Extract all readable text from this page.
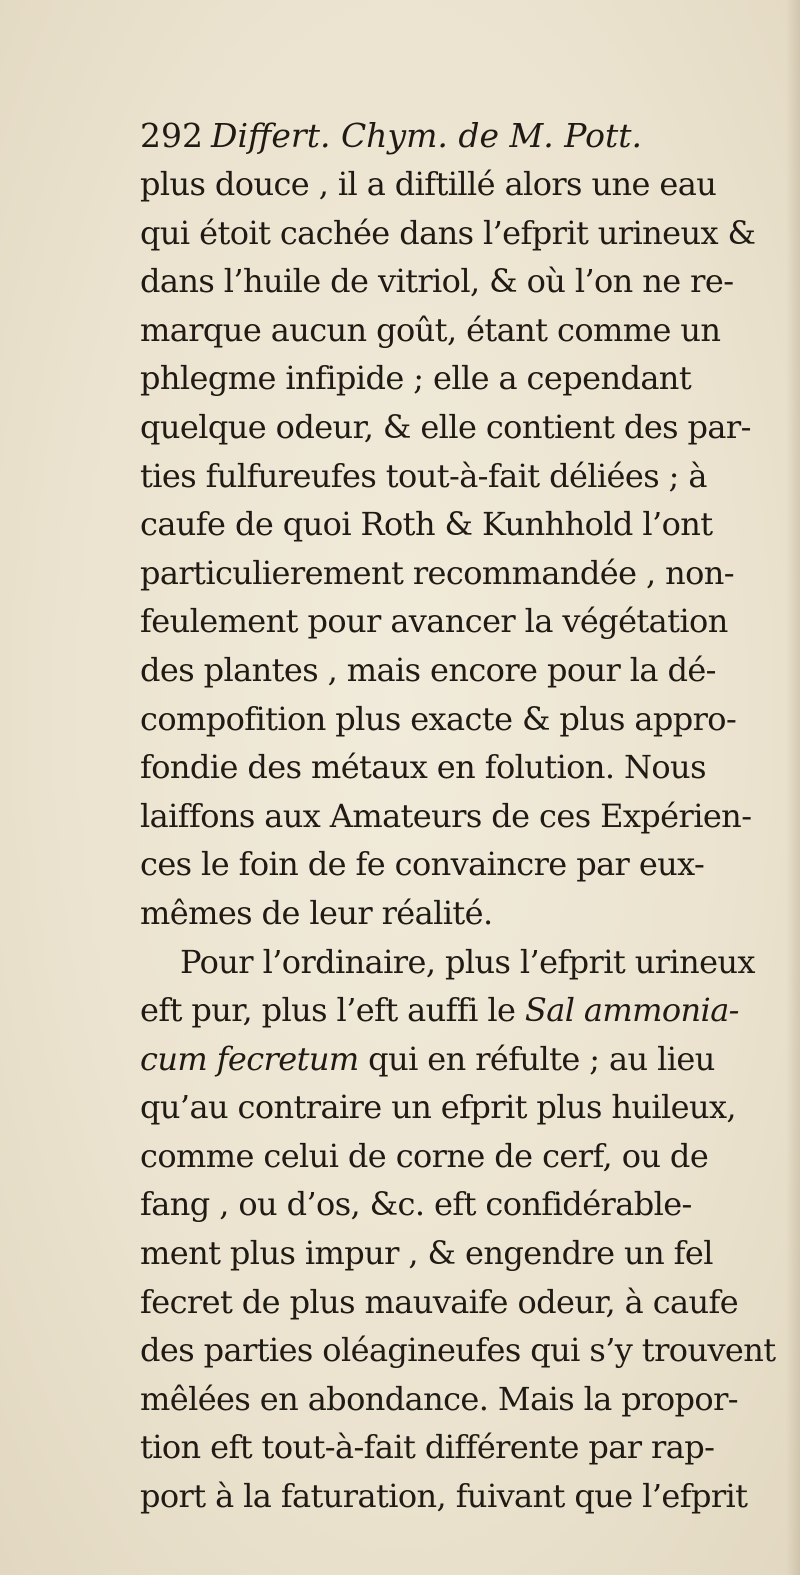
292 Differt. Chym. de M. Pott.
plus douce , il a diftillé alors une eau
qui étoit cachée dans l’efprit urineux &
dans l’huile de vitriol, & où l’on ne re-
marque aucun goût, étant comme un
phlegme infipide ; elle a cependant
quelque odeur, & elle contient des par-
ties fulfureufes tout-à-fait déliées ; à
caufe de quoi Roth & Kunhhold l’ont
particulierement recommandée , non-
feulement pour avancer la végétation
des plantes , mais encore pour la dé-
compofition plus exacte & plus appro-
fondie des métaux en folution. Nous
laiffons aux Amateurs de ces Expérien-
ces le foin de fe convaincre par eux-
mêmes de leur réalité.
Pour l’ordinaire, plus l’efprit urineux
eft pur, plus l’eft auffi le Sal ammonia-
cum fecretum qui en réfulte ; au lieu
qu’au contraire un efprit plus huileux,
comme celui de corne de cerf, ou de
fang , ou d’os, &c. eft confidérable-
ment plus impur , & engendre un fel
fecret de plus mauvaife odeur, à caufe
des parties oléagineufes qui s’y trouvent
mêlées en abondance. Mais la propor-
tion eft tout-à-fait différente par rap-
port à la faturation, fuivant que l’efprit
